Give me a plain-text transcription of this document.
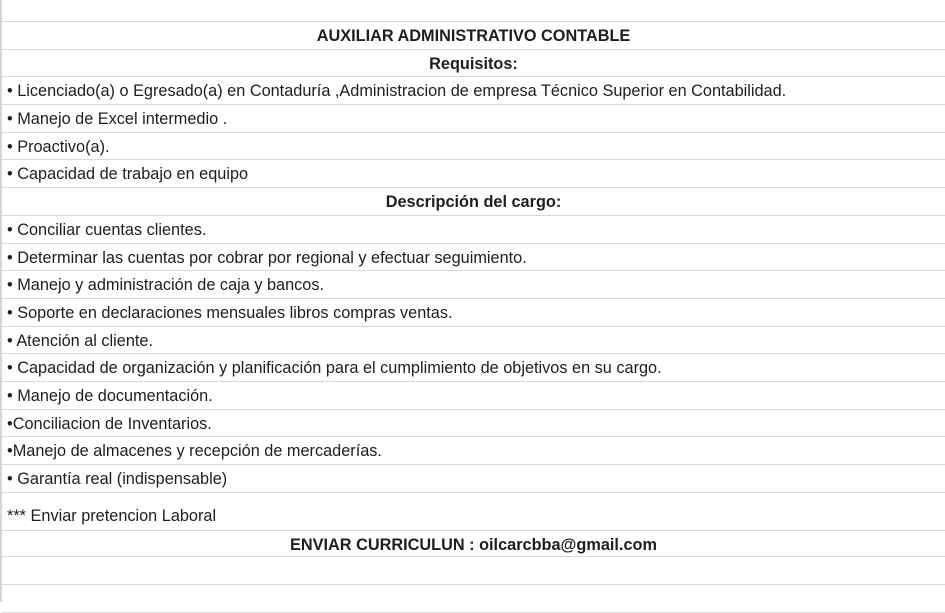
AUXILIAR ADMINISTRATIVO CONTABLE
Requisitos:
• Licenciado(a) o Egresado(a) en Contaduría ,Administracion de empresa Técnico Superior en Contabilidad.
• Manejo de Excel intermedio .
• Proactivo(a).
• Capacidad de trabajo en equipo
Descripción del cargo:
• Conciliar cuentas clientes.
• Determinar las cuentas por cobrar por regional y efectuar seguimiento.
• Manejo y administración de caja y bancos.
• Soporte en declaraciones mensuales libros compras ventas.
• Atención al cliente.
• Capacidad de organización y planificación para el cumplimiento de objetivos en su cargo.
• Manejo de documentación.
•Conciliacion de Inventarios.
•Manejo de almacenes y recepción de mercaderías.
• Garantía real (indispensable)
*** Enviar pretencion Laboral
ENVIAR CURRICULUN : oilcarcbba@gmail.com
